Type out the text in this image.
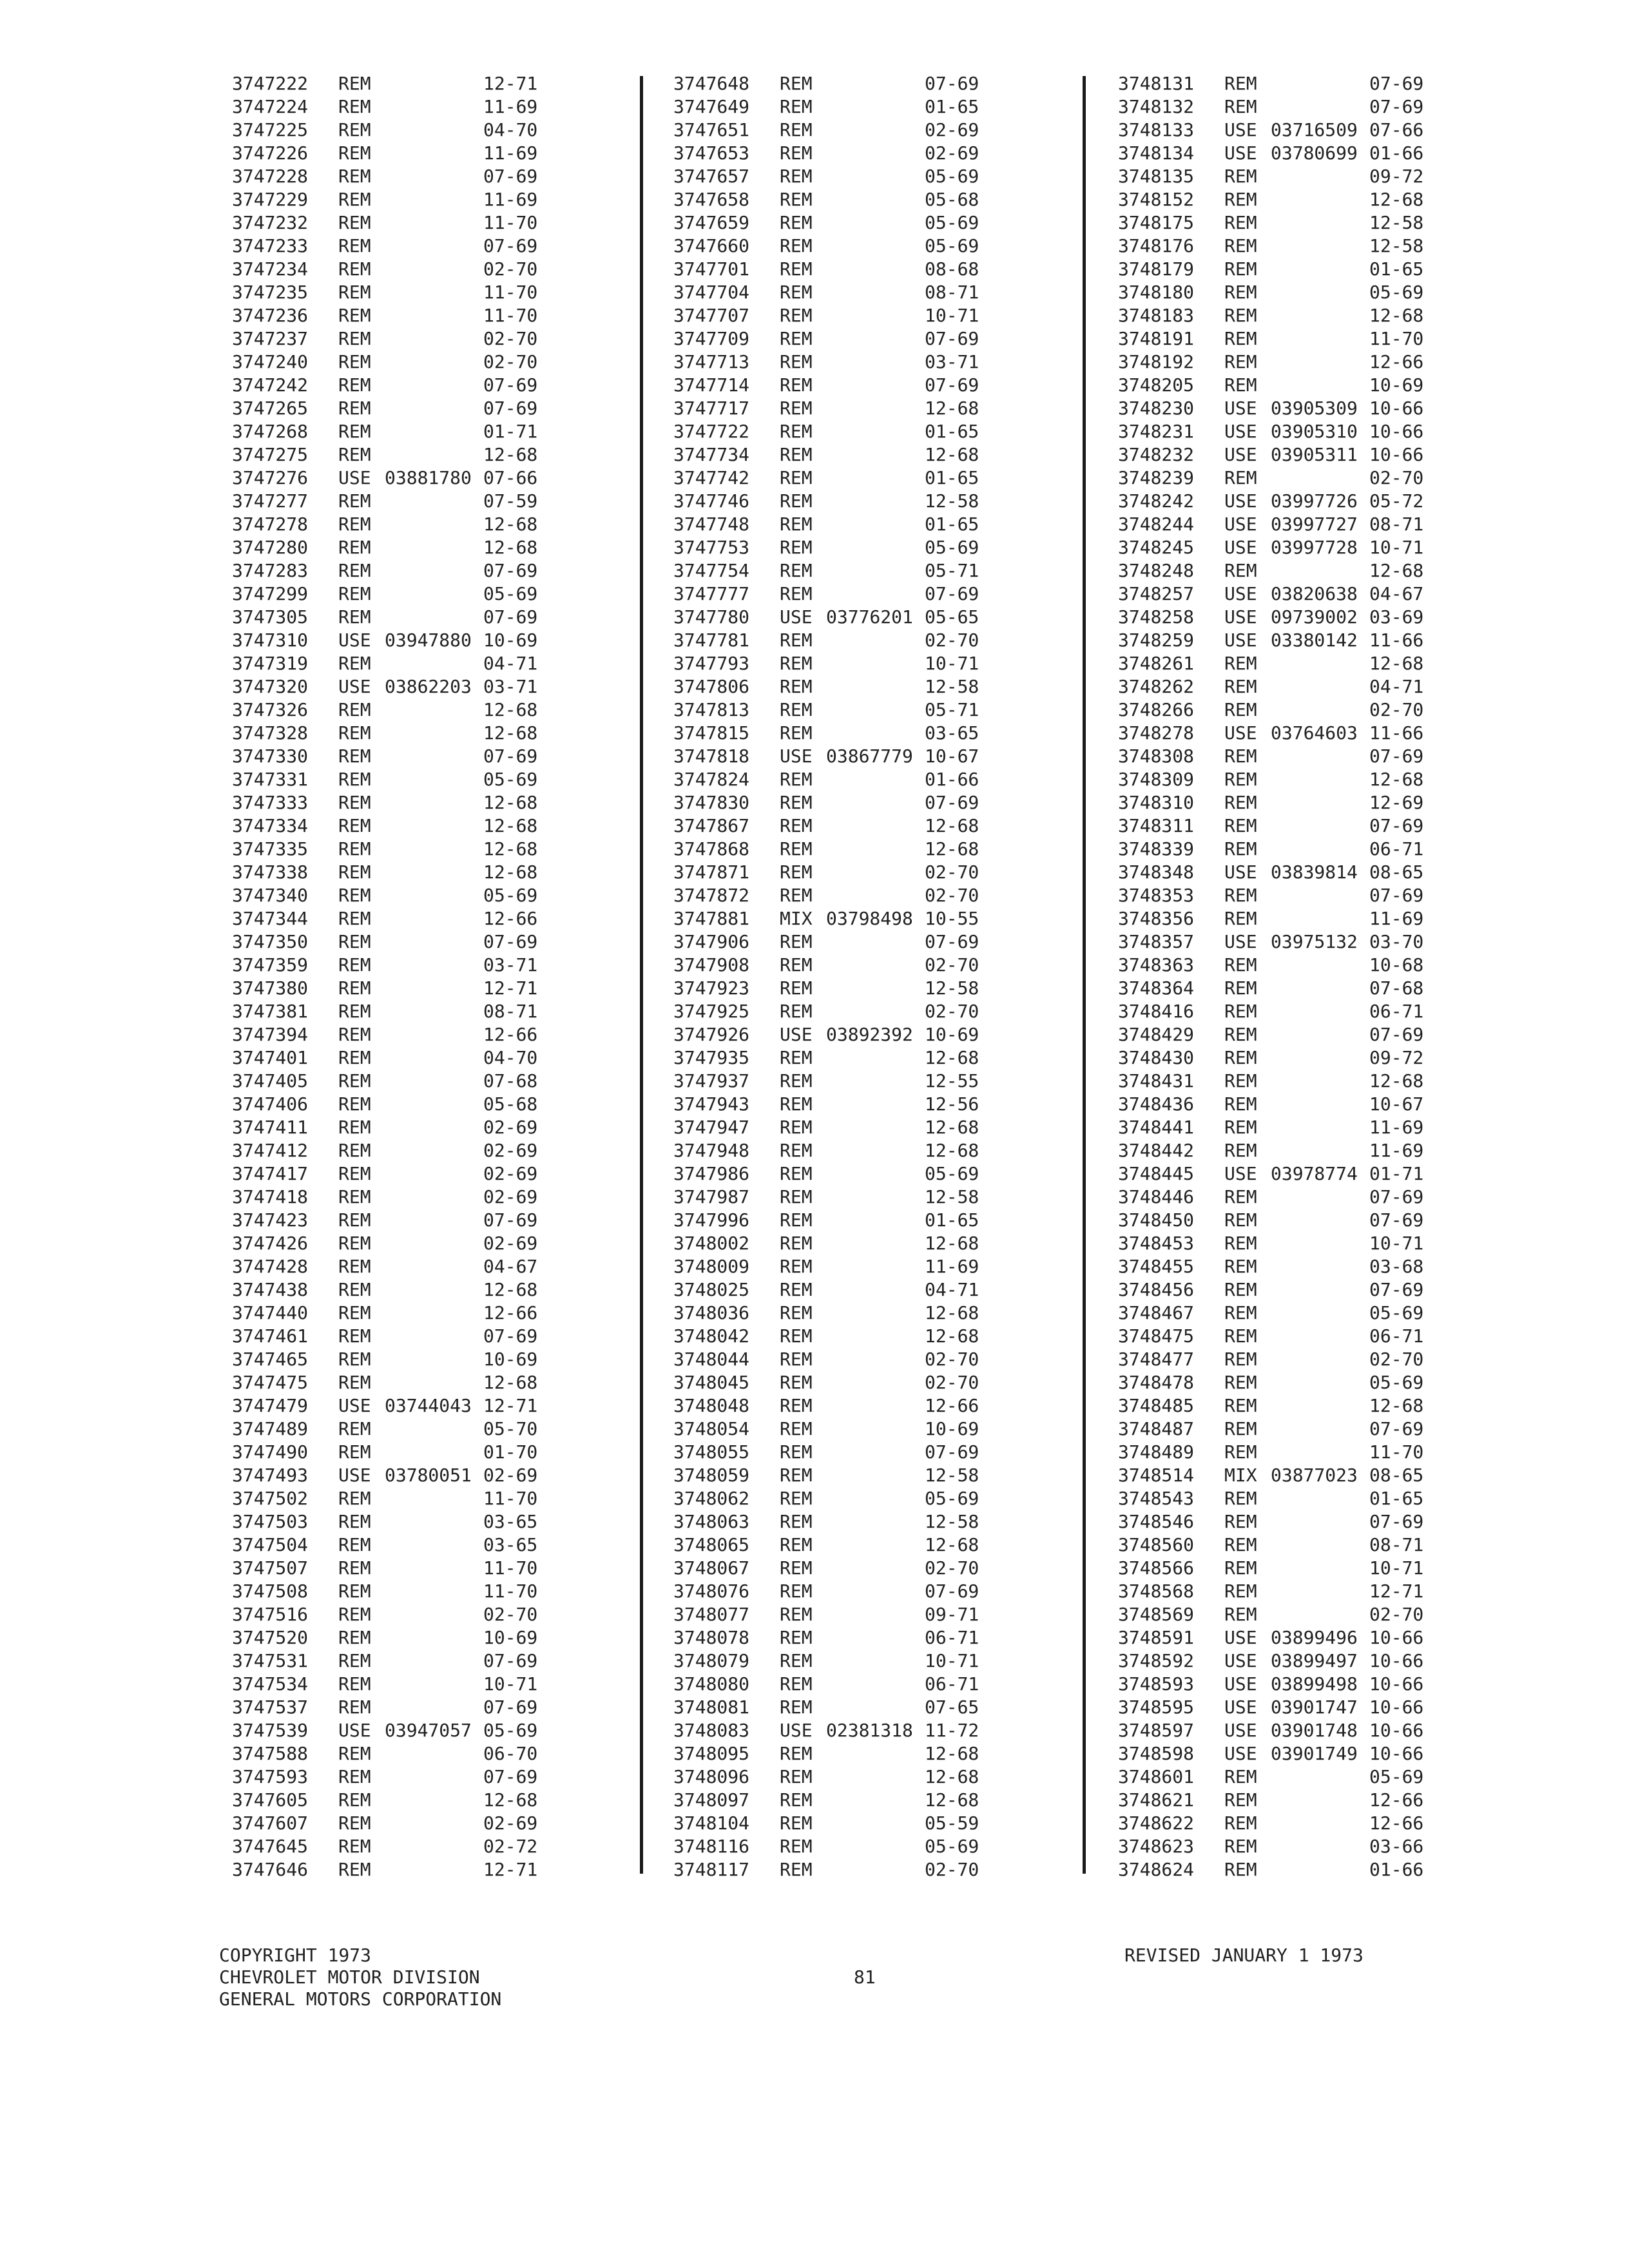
3747222	REM	12-71
3747224	REM	11-69
3747225	REM	04-70
3747226	REM	11-69
3747228	REM	07-69
3747229	REM	11-69
3747232	REM	11-70
3747233	REM	07-69
3747234	REM	02-70
3747235	REM	11-70
3747236	REM	11-70
3747237	REM	02-70
3747240	REM	02-70
3747242	REM	07-69
3747265	REM	07-69
3747268	REM	01-71
3747275	REM	12-68
3747276	USE 03881780 07-66
3747277	REM	07-59
3747278	REM	12-68
3747280	REM	12-68
3747283	REM	07-69
3747299	REM	05-69
3747305	REM	07-69
3747310	USE 03947880 10-69
3747319	REM	04-71
3747320	USE 03862203 03-71
3747326	REM	12-68
3747328	REM	12-68
3747330	REM	07-69
3747331	REM	05-69
3747333	REM	12-68
3747334	REM	12-68
3747335	REM	12-68
3747338	REM	12-68
3747340	REM	05-69
3747344	REM	12-66
3747350	REM	07-69
3747359	REM	03-71
3747380	REM	12-71
3747381	REM	08-71
3747394	REM	12-66
3747401	REM	04-70
3747405	REM	07-68
3747406	REM	05-68
3747411	REM	02-69
3747412	REM	02-69
3747417	REM	02-69
3747418	REM	02-69
3747423	REM	07-69
3747426	REM	02-69
3747428	REM	04-67
3747438	REM	12-68
3747440	REM	12-66
3747461	REM	07-69
3747465	REM	10-69
3747475	REM	12-68
3747479	USE 03744043 12-71
3747489	REM	05-70
3747490	REM	01-70
3747493	USE 03780051 02-69
3747502	REM	11-70
3747503	REM	03-65
3747504	REM	03-65
3747507	REM	11-70
3747508	REM	11-70
3747516	REM	02-70
3747520	REM	10-69
3747531	REM	07-69
3747534	REM	10-71
3747537	REM	07-69
3747539	USE 03947057 05-69
3747588	REM	06-70
3747593	REM	07-69
3747605	REM	12-68
3747607	REM	02-69
3747645	REM	02-72
3747646	REM	12-71
3747648	REM	07-69
3747649	REM	01-65
3747651	REM	02-69
3747653	REM	02-69
3747657	REM	05-69
3747658	REM	05-68
3747659	REM	05-69
3747660	REM	05-69
3747701	REM	08-68
3747704	REM	08-71
3747707	REM	10-71
3747709	REM	07-69
3747713	REM	03-71
3747714	REM	07-69
3747717	REM	12-68
3747722	REM	01-65
3747734	REM	12-68
3747742	REM	01-65
3747746	REM	12-58
3747748	REM	01-65
3747753	REM	05-69
3747754	REM	05-71
3747777	REM	07-69
3747780	USE 03776201 05-65
3747781	REM	02-70
3747793	REM	10-71
3747806	REM	12-58
3747813	REM	05-71
3747815	REM	03-65
3747818	USE 03867779 10-67
3747824	REM	01-66
3747830	REM	07-69
3747867	REM	12-68
3747868	REM	12-68
3747871	REM	02-70
3747872	REM	02-70
3747881	MIX 03798498 10-55
3747906	REM	07-69
3747908	REM	02-70
3747923	REM	12-58
3747925	REM	02-70
3747926	USE 03892392 10-69
3747935	REM	12-68
3747937	REM	12-55
3747943	REM	12-56
3747947	REM	12-68
3747948	REM	12-68
3747986	REM	05-69
3747987	REM	12-58
3747996	REM	01-65
3748002	REM	12-68
3748009	REM	11-69
3748025	REM	04-71
3748036	REM	12-68
3748042	REM	12-68
3748044	REM	02-70
3748045	REM	02-70
3748048	REM	12-66
3748054	REM	10-69
3748055	REM	07-69
3748059	REM	12-58
3748062	REM	05-69
3748063	REM	12-58
3748065	REM	12-68
3748067	REM	02-70
3748076	REM	07-69
3748077	REM	09-71
3748078	REM	06-71
3748079	REM	10-71
3748080	REM	06-71
3748081	REM	07-65
3748083	USE 02381318 11-72
3748095	REM	12-68
3748096	REM	12-68
3748097	REM	12-68
3748104	REM	05-59
3748116	REM	05-69
3748117	REM	02-70
3748131	REM	07-69
3748132	REM	07-69
3748133	USE 03716509 07-66
3748134	USE 03780699 01-66
3748135	REM	09-72
3748152	REM	12-68
3748175	REM	12-58
3748176	REM	12-58
3748179	REM	01-65
3748180	REM	05-69
3748183	REM	12-68
3748191	REM	11-70
3748192	REM	12-66
3748205	REM	10-69
3748230	USE 03905309 10-66
3748231	USE 03905310 10-66
3748232	USE 03905311 10-66
3748239	REM	02-70
3748242	USE 03997726 05-72
3748244	USE 03997727 08-71
3748245	USE 03997728 10-71
3748248	REM	12-68
3748257	USE 03820638 04-67
3748258	USE 09739002 03-69
3748259	USE 03380142 11-66
3748261	REM	12-68
3748262	REM	04-71
3748266	REM	02-70
3748278	USE 03764603 11-66
3748308	REM	07-69
3748309	REM	12-68
3748310	REM	12-69
3748311	REM	07-69
3748339	REM	06-71
3748348	USE 03839814 08-65
3748353	REM	07-69
3748356	REM	11-69
3748357	USE 03975132 03-70
3748363	REM	10-68
3748364	REM	07-68
3748416	REM	06-71
3748429	REM	07-69
3748430	REM	09-72
3748431	REM	12-68
3748436	REM	10-67
3748441	REM	11-69
3748442	REM	11-69
3748445	USE 03978774 01-71
3748446	REM	07-69
3748450	REM	07-69
3748453	REM	10-71
3748455	REM	03-68
3748456	REM	07-69
3748467	REM	05-69
3748475	REM	06-71
3748477	REM	02-70
3748478	REM	05-69
3748485	REM	12-68
3748487	REM	07-69
3748489	REM	11-70
3748514	MIX 03877023 08-65
3748543	REM	01-65
3748546	REM	07-69
3748560	REM	08-71
3748566	REM	10-71
3748568	REM	12-71
3748569	REM	02-70
3748591	USE 03899496 10-66
3748592	USE 03899497 10-66
3748593	USE 03899498 10-66
3748595	USE 03901747 10-66
3748597	USE 03901748 10-66
3748598	USE 03901749 10-66
3748601	REM	05-69
3748621	REM	12-66
3748622	REM	12-66
3748623	REM	03-66
3748624	REM	01-66
COPYRIGHT 1973
CHEVROLET MOTOR DIVISION
GENERAL MOTORS CORPORATION
81
REVISED JANUARY 1 1973
